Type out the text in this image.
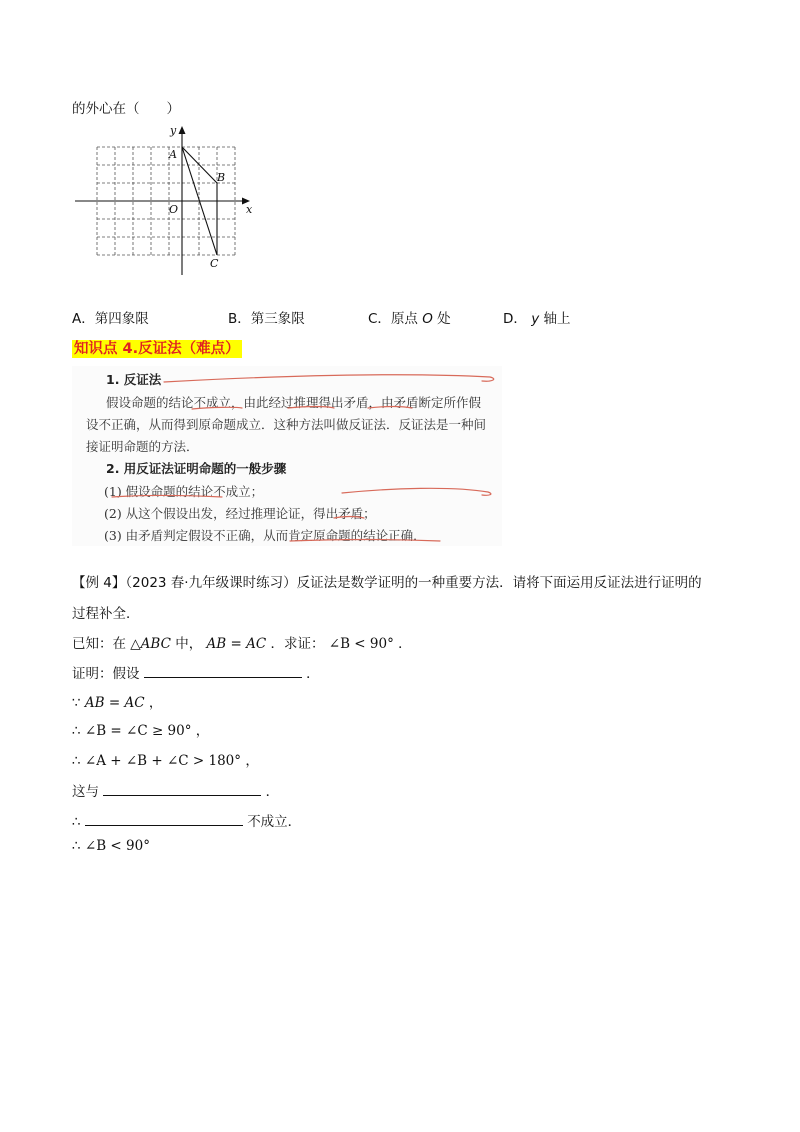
的外心在（　　）
y
x
O
A
B
C
A．第四象限	B．第三象限	C．原点 O 处	D． y 轴上
知识点 4.反证法（难点）
1. 反证法
假设命题的结论不成立，由此经过推理得出矛盾，由矛盾断定所作假
设不正确，从而得到原命题成立．这种方法叫做反证法．反证法是一种间
接证明命题的方法．
2. 用反证法证明命题的一般步骤
(1) 假设命题的结论不成立；
(2) 从这个假设出发，经过推理论证，得出矛盾；
(3) 由矛盾判定假设不正确，从而肯定原命题的结论正确．
【例 4】（2023 春·九年级课时练习）反证法是数学证明的一种重要方法．请将下面运用反证法进行证明的
过程补全．
已知：在 △ABC 中， AB = AC ．求证： ∠B < 90° ．
证明：假设	．
∵ AB = AC ，
∴ ∠B = ∠C ≥ 90° ，
∴ ∠A + ∠B + ∠C > 180° ，
这与	．
∴	不成立．
∴ ∠B < 90°
